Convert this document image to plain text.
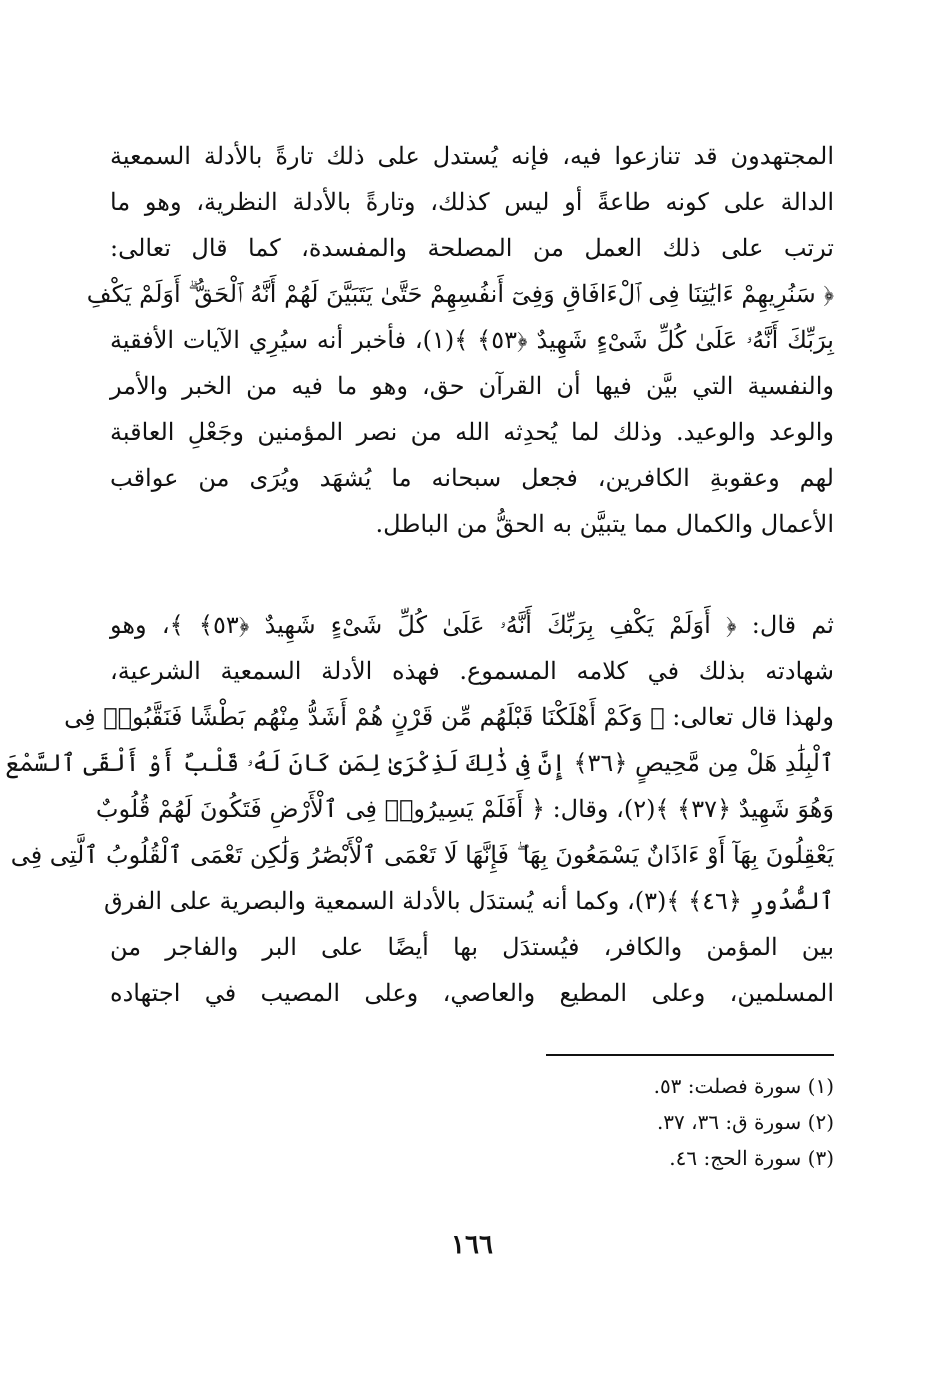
المجتهدون قد تنازعوا فيه، فإنه يُستدل على ذلك تارةً بالأدلة السمعية
الدالة على كونه طاعةً أو ليس كذلك، وتارةً بالأدلة النظرية، وهو ما
ترتب على ذلك العمل من المصلحة والمفسدة، كما قال تعالى:
﴿ سَنُرِيهِمْ ءَايَٰتِنَا فِى ٱلْءَافَاقِ وَفِىٓ أَنفُسِهِمْ حَتَّىٰ يَتَبَيَّنَ لَهُمْ أَنَّهُ ٱلْحَقُّ ۗ أَوَلَمْ يَكْفِ
بِرَبِّكَ أَنَّهُۥ عَلَىٰ كُلِّ شَىْءٍ شَهِيدٌ ﴿٥٣﴾ ﴾(١)، فأخبر أنه سيُرِي الآيات الأفقية
والنفسية التي بيَّن فيها أن القرآن حق، وهو ما فيه من الخبر والأمر
والوعد والوعيد. وذلك لما يُحدِثه الله من نصر المؤمنين وجَعْلِ العاقبة
لهم وعقوبةِ الكافرين، فجعل سبحانه ما يُشهَد ويُرَى من عواقب
الأعمال والكمال مما يتبيَّن به الحقُّ من الباطل.
ثم قال: ﴿ أَوَلَمْ يَكْفِ بِرَبِّكَ أَنَّهُۥ عَلَىٰ كُلِّ شَىْءٍ شَهِيدٌ ﴿٥٣﴾ ﴾، وهو
شهادته بذلك في كلامه المسموع. فهذه الأدلة السمعية الشرعية،
ولهذا قال تعالى: ﴿ وَكَمْ أَهْلَكْنَا قَبْلَهُم مِّن قَرْنٍ هُمْ أَشَدُّ مِنْهُم بَطْشًا فَنَقَّبُوا۟ فِى
ٱلْبِلَٰدِ هَلْ مِن مَّحِيصٍ ﴿٣٦﴾ إِنَّ فِى ذَٰلِكَ لَذِكْرَىٰ لِمَن كَانَ لَهُۥ قَلْبٌ أَوْ أَلْقَى ٱلسَّمْعَ
وَهُوَ شَهِيدٌ ﴿٣٧﴾ ﴾(٢)، وقال: ﴿ أَفَلَمْ يَسِيرُوا۟ فِى ٱلْأَرْضِ فَتَكُونَ لَهُمْ قُلُوبٌ
يَعْقِلُونَ بِهَآ أَوْ ءَاذَانٌ يَسْمَعُونَ بِهَا ۖ فَإِنَّهَا لَا تَعْمَى ٱلْأَبْصَٰرُ وَلَٰكِن تَعْمَى ٱلْقُلُوبُ ٱلَّتِى فِى
ٱلصُّدُورِ ﴿٤٦﴾ ﴾(٣)، وكما أنه يُستدَل بالأدلة السمعية والبصرية على الفرق
بين المؤمن والكافر، فيُستدَل بها أيضًا على البر والفاجر من
المسلمين، وعلى المطيع والعاصي، وعلى المصيب في اجتهاده
(١) سورة فصلت: ٥٣.
(٢) سورة ق: ٣٦، ٣٧.
(٣) سورة الحج: ٤٦.
١٦٦
